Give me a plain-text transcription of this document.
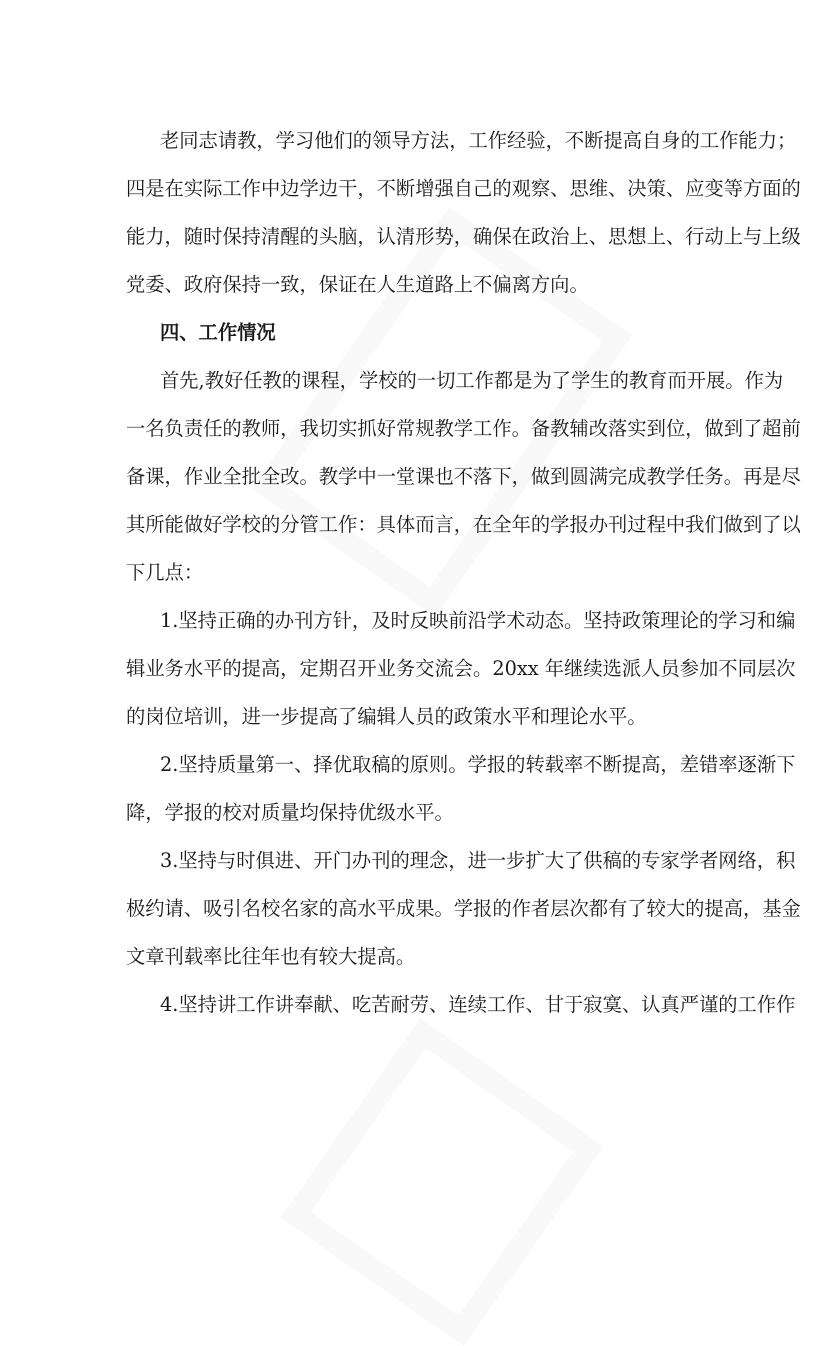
老同志请教，学习他们的领导方法，工作经验，不断提高自身的工作能力；
四是在实际工作中边学边干，不断增强自己的观察、思维、决策、应变等方面的
能力，随时保持清醒的头脑，认清形势，确保在政治上、思想上、行动上与上级
党委、政府保持一致，保证在人生道路上不偏离方向。
四、工作情况
首先,教好任教的课程，学校的一切工作都是为了学生的教育而开展。作为
一名负责任的教师，我切实抓好常规教学工作。备教辅改落实到位，做到了超前
备课，作业全批全改。教学中一堂课也不落下，做到圆满完成教学任务。再是尽
其所能做好学校的分管工作：具体而言，在全年的学报办刊过程中我们做到了以
下几点：
1.坚持正确的办刊方针，及时反映前沿学术动态。坚持政策理论的学习和编
辑业务水平的提高，定期召开业务交流会。20xx 年继续选派人员参加不同层次
的岗位培训，进一步提高了编辑人员的政策水平和理论水平。
2.坚持质量第一、择优取稿的原则。学报的转载率不断提高，差错率逐渐下
降，学报的校对质量均保持优级水平。
3.坚持与时俱进、开门办刊的理念，进一步扩大了供稿的专家学者网络，积
极约请、吸引名校名家的高水平成果。学报的作者层次都有了较大的提高，基金
文章刊载率比往年也有较大提高。
4.坚持讲工作讲奉献、吃苦耐劳、连续工作、甘于寂寞、认真严谨的工作作
